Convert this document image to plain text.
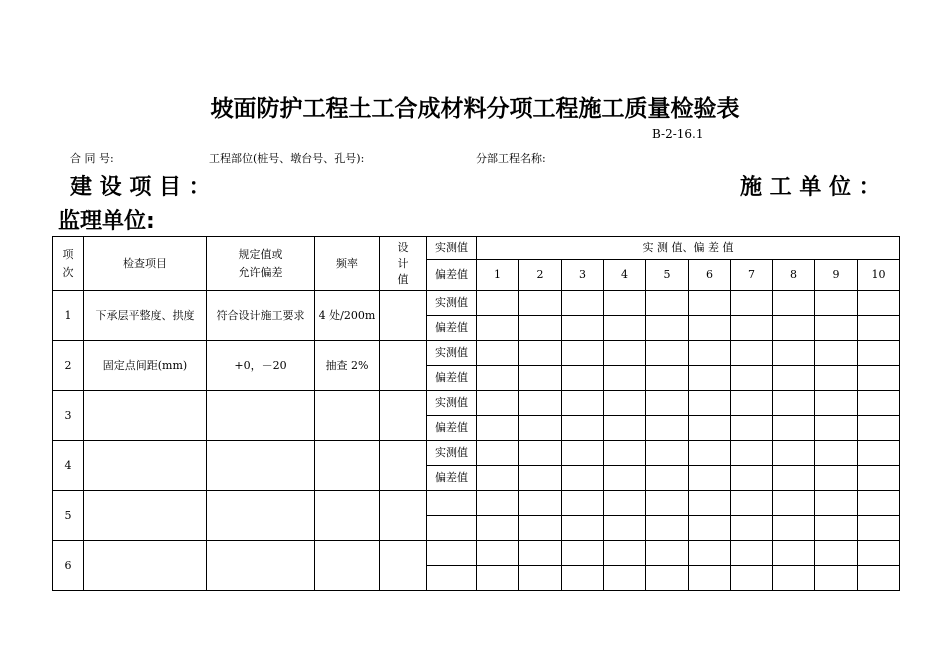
坡面防护工程土工合成材料分项工程施工质量检验表
B-2-16.1
合 同 号:	工程部位(桩号、墩台号、孔号):	分部工程名称:
建 设 项 目 ：	施 工 单 位 ：
监理单位:
项次	检查项目	规定值或允许偏差	频率	设计值	实测值	实 测 值、偏 差 值									
					偏差值	1	2	3	4	5	6	7	8	9	10
1	下承层平整度、拱度	符合设计施工要求	4 处/200m		实测值										
					偏差值										
2	固定点间距(mm)	+0，－20	抽查 2%		实测值										
					偏差值										
3					实测值										
					偏差值										
4					实测值										
					偏差值										
5															

6															
